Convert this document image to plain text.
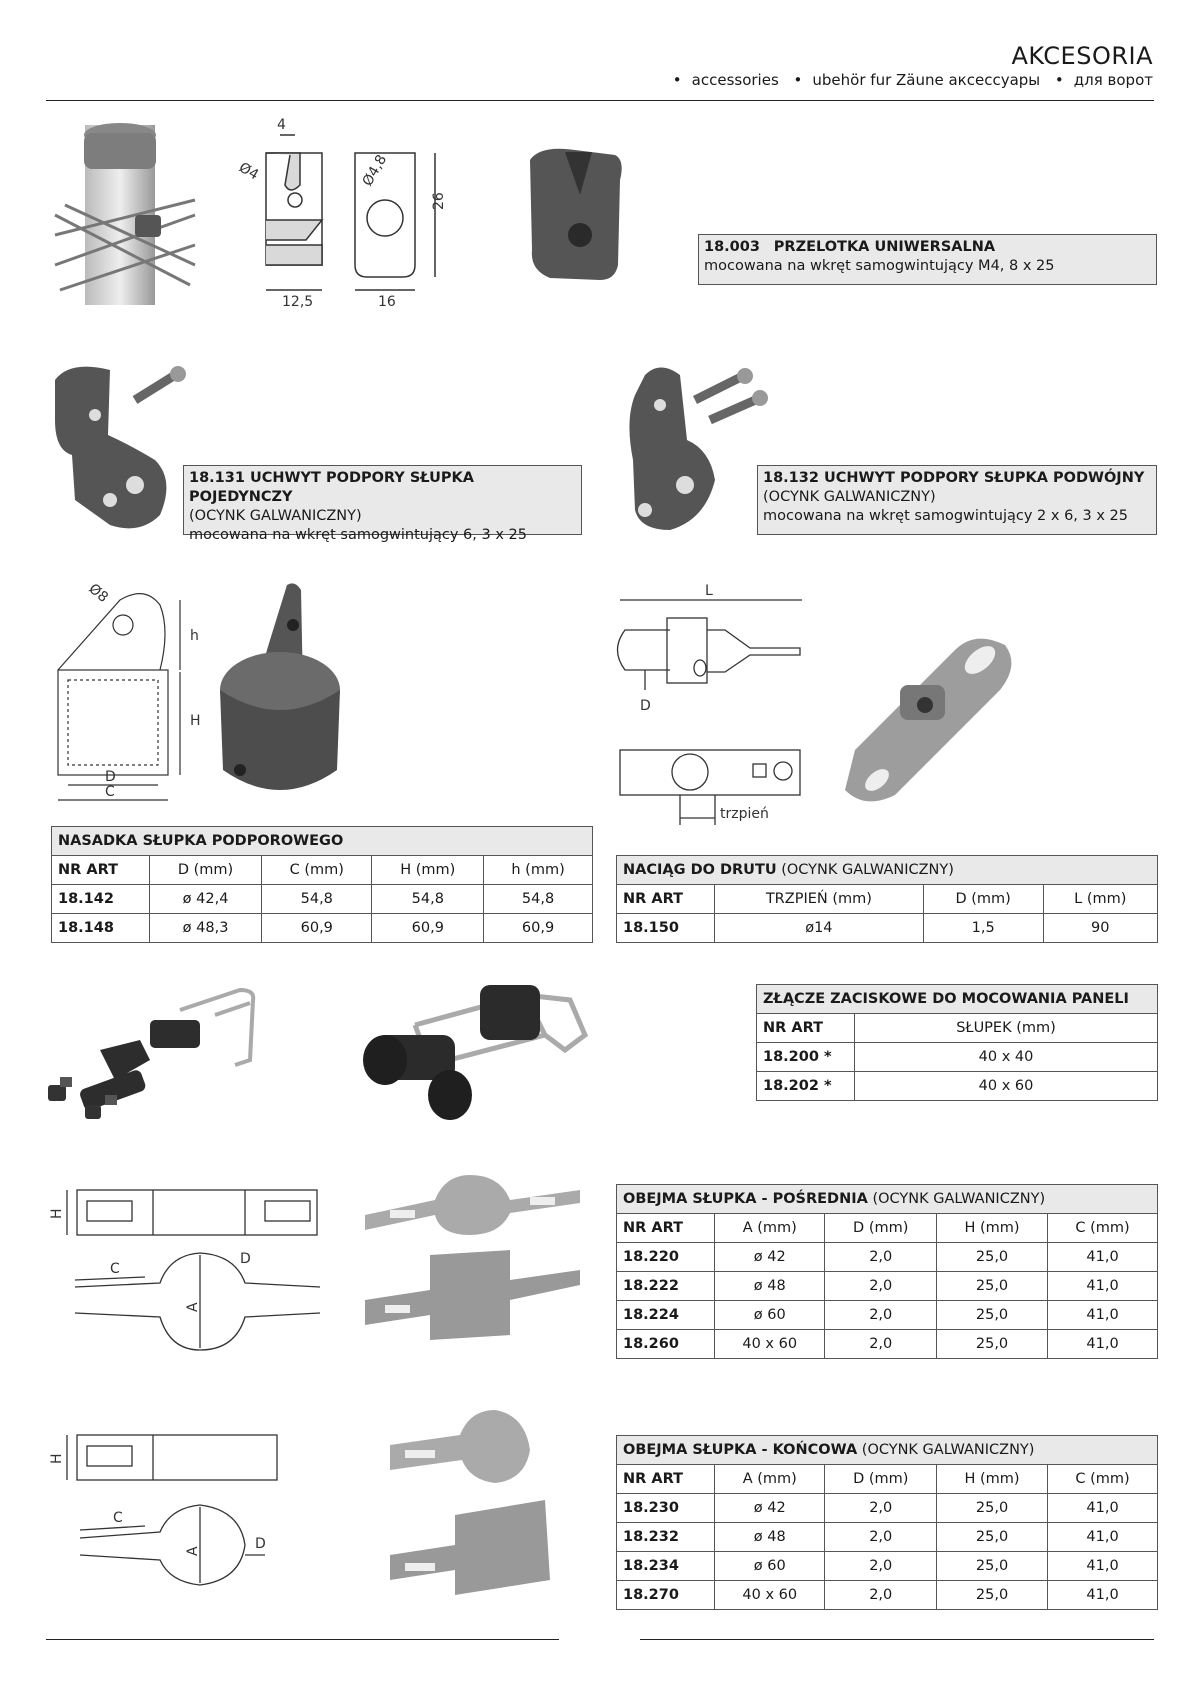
AKCESORIA
• accessories • ubehör fur Zäune аксессуары • для ворот
4
Ø4	Ø4,8
26
12,5	16
18.003 PRZELOTKA UNIWERSALNA
mocowana na wkręt samogwintujący M4, 8 x 25
18.131 UCHWYT PODPORY SŁUPKA POJEDYNCZY
(OCYNK GALWANICZNY)
mocowana na wkręt samogwintujący 6, 3 x 25
18.132 UCHWYT PODPORY SŁUPKA PODWÓJNY
(OCYNK GALWANICZNY)
mocowana na wkręt samogwintujący 2 x 6, 3 x 25
Ø8
h
H
D
C
NASADKA SŁUPKA PODPOROWEGO				
NR ART	D (mm)	C (mm)	H (mm)	h (mm)
18.142	ø 42,4	54,8	54,8	54,8
18.148	ø 48,3	60,9	60,9	60,9
L
D
trzpień
NACIĄG DO DRUTU (OCYNK GALWANICZNY)			
NR ART	TRZPIEŃ (mm)	D (mm)	L (mm)
18.150	ø14	1,5	90
ZŁĄCZE ZACISKOWE DO MOCOWANIA PANELI	
NR ART	SŁUPEK (mm)
18.200 *	40 x 40
18.202 *	40 x 60
H
C
D
A
OBEJMA SŁUPKA - POŚREDNIA (OCYNK GALWANICZNY)				
NR ART	A (mm)	D (mm)	H (mm)	C (mm)
18.220	ø 42	2,0	25,0	41,0
18.222	ø 48	2,0	25,0	41,0
18.224	ø 60	2,0	25,0	41,0
18.260	40 x 60	2,0	25,0	41,0
H
C
D
A
OBEJMA SŁUPKA - KOŃCOWA (OCYNK GALWANICZNY)				
NR ART	A (mm)	D (mm)	H (mm)	C (mm)
18.230	ø 42	2,0	25,0	41,0
18.232	ø 48	2,0	25,0	41,0
18.234	ø 60	2,0	25,0	41,0
18.270	40 x 60	2,0	25,0	41,0
